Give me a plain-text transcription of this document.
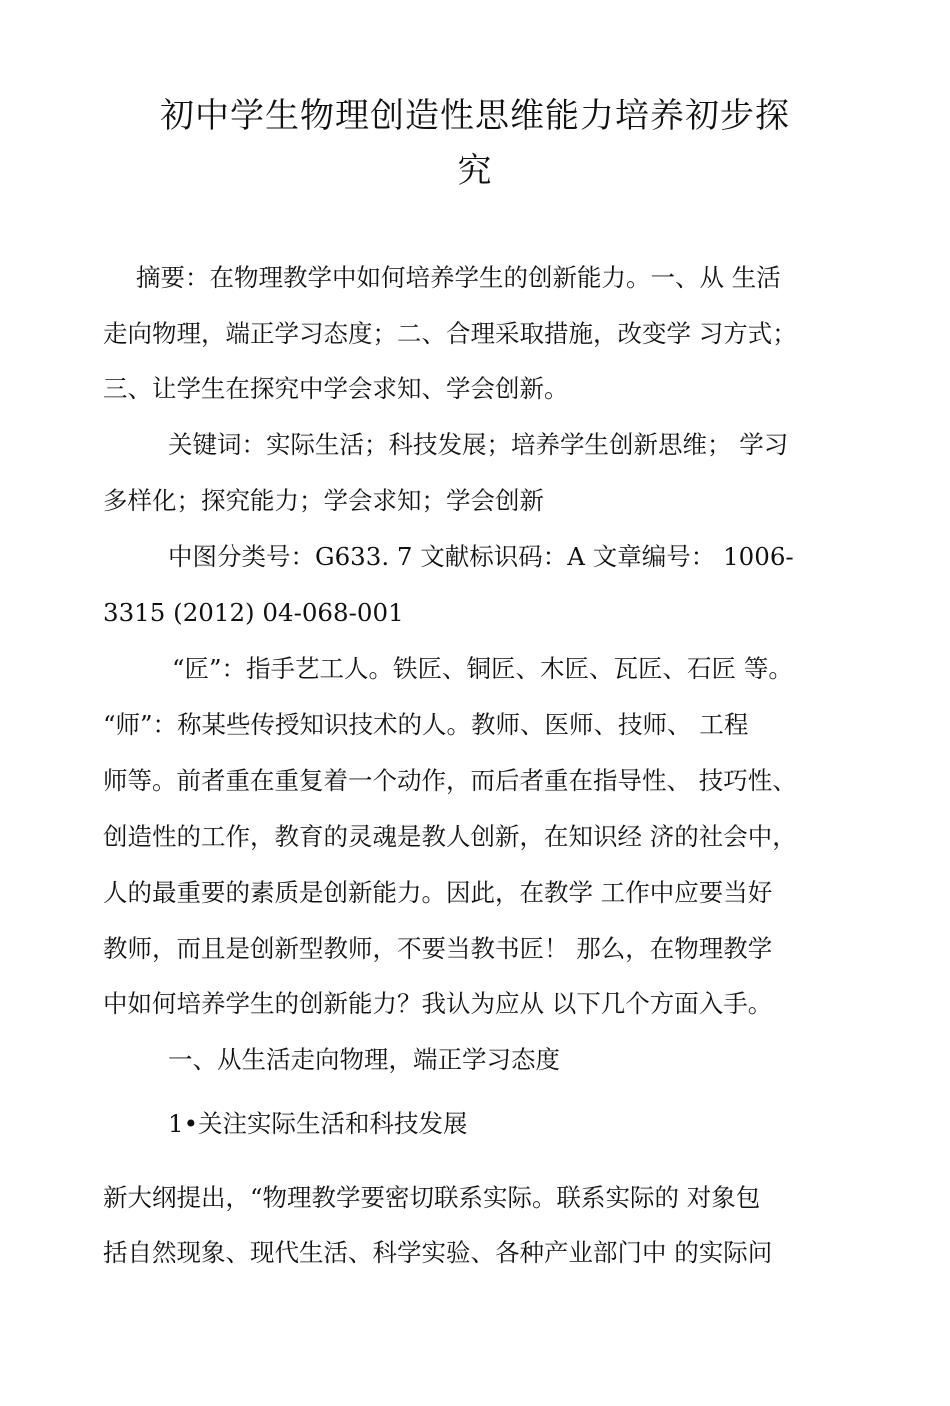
初中学生物理创造性思维能力培养初步探
究
摘要：在物理教学中如何培养学生的创新能力。一、从 生活
走向物理，端正学习态度；二、合理采取措施，改变学 习方式；
三、让学生在探究中学会求知、学会创新。
关键词：实际生活；科技发展；培养学生创新思维； 学习
多样化；探究能力；学会求知；学会创新
中图分类号：G633. 7 文献标识码：A 文章编号： 1006-
3315 (2012) 04-068-001
“匠”：指手艺工人。铁匠、铜匠、木匠、瓦匠、石匠 等。
“师”：称某些传授知识技术的人。教师、医师、技师、 工程
师等。前者重在重复着一个动作，而后者重在指导性、 技巧性、
创造性的工作，教育的灵魂是教人创新，在知识经 济的社会中，
人的最重要的素质是创新能力。因此，在教学 工作中应要当好
教师，而且是创新型教师，不要当教书匠！ 那么，在物理教学
中如何培养学生的创新能力？我认为应从 以下几个方面入手。
一、从生活走向物理，端正学习态度
1•关注实际生活和科技发展
新大纲提出，“物理教学要密切联系实际。联系实际的 对象包
括自然现象、现代生活、科学实验、各种产业部门中 的实际问
